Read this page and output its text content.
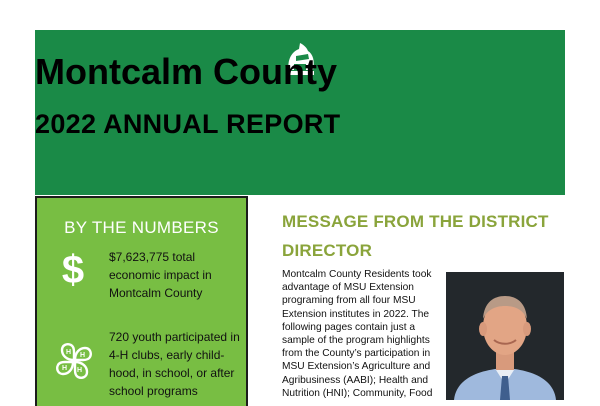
Montcalm County
2022 ANNUAL REPORT
BY THE NUMBERS
$ $7,623,775 total economic impact in Montcalm County
H H
H
H
720 youth participated in 4-H clubs, early child-hood, in school, or after school programs
MESSAGE FROM THE DISTRICT DIRECTOR
Montcalm County Residents took advantage of MSU Extension programing from all four MSU Extension institutes in 2022. The following pages contain just a sample of the program highlights from the County’s participation in MSU Extension’s Agriculture and Agribusiness (AABI); Health and Nutrition (HNI); Community, Food
